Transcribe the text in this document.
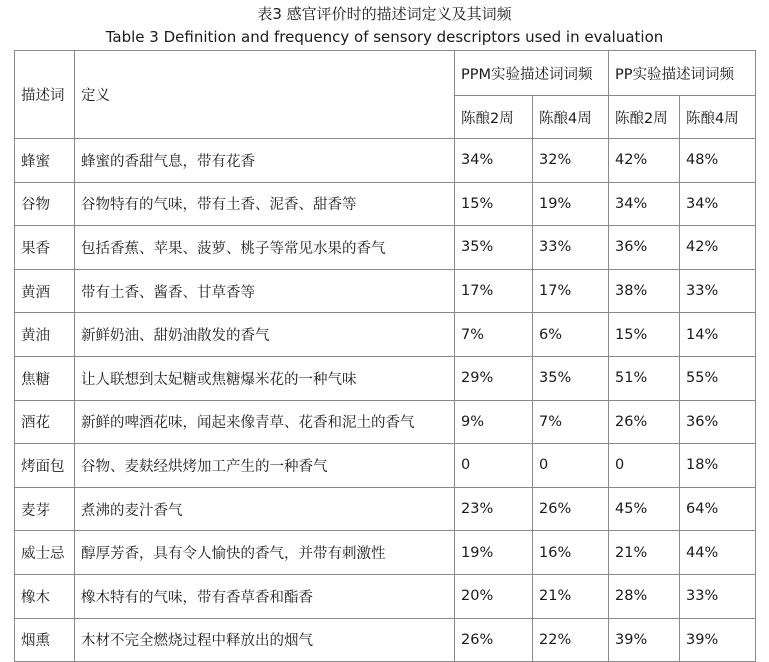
表3 感官评价时的描述词定义及其词频
Table 3 Definition and frequency of sensory descriptors used in evaluation
描述词	定义	PPM实验描述词词频		PP实验描述词词频	
		陈酿2周	陈酿4周	陈酿2周	陈酿4周
蜂蜜	蜂蜜的香甜气息，带有花香	34%	32%	42%	48%
谷物	谷物特有的气味，带有土香、泥香、甜香等	15%	19%	34%	34%
果香	包括香蕉、苹果、菠萝、桃子等常见水果的香气	35%	33%	36%	42%
黄酒	带有土香、酱香、甘草香等	17%	17%	38%	33%
黄油	新鲜奶油、甜奶油散发的香气	7%	6%	15%	14%
焦糖	让人联想到太妃糖或焦糖爆米花的一种气味	29%	35%	51%	55%
酒花	新鲜的啤酒花味，闻起来像青草、花香和泥土的香气	9%	7%	26%	36%
烤面包	谷物、麦麸经烘烤加工产生的一种香气	0	0	0	18%
麦芽	煮沸的麦汁香气	23%	26%	45%	64%
威士忌	醇厚芳香，具有令人愉快的香气，并带有刺激性	19%	16%	21%	44%
橡木	橡木特有的气味，带有香草香和酯香	20%	21%	28%	33%
烟熏	木材不完全燃烧过程中释放出的烟气	26%	22%	39%	39%
